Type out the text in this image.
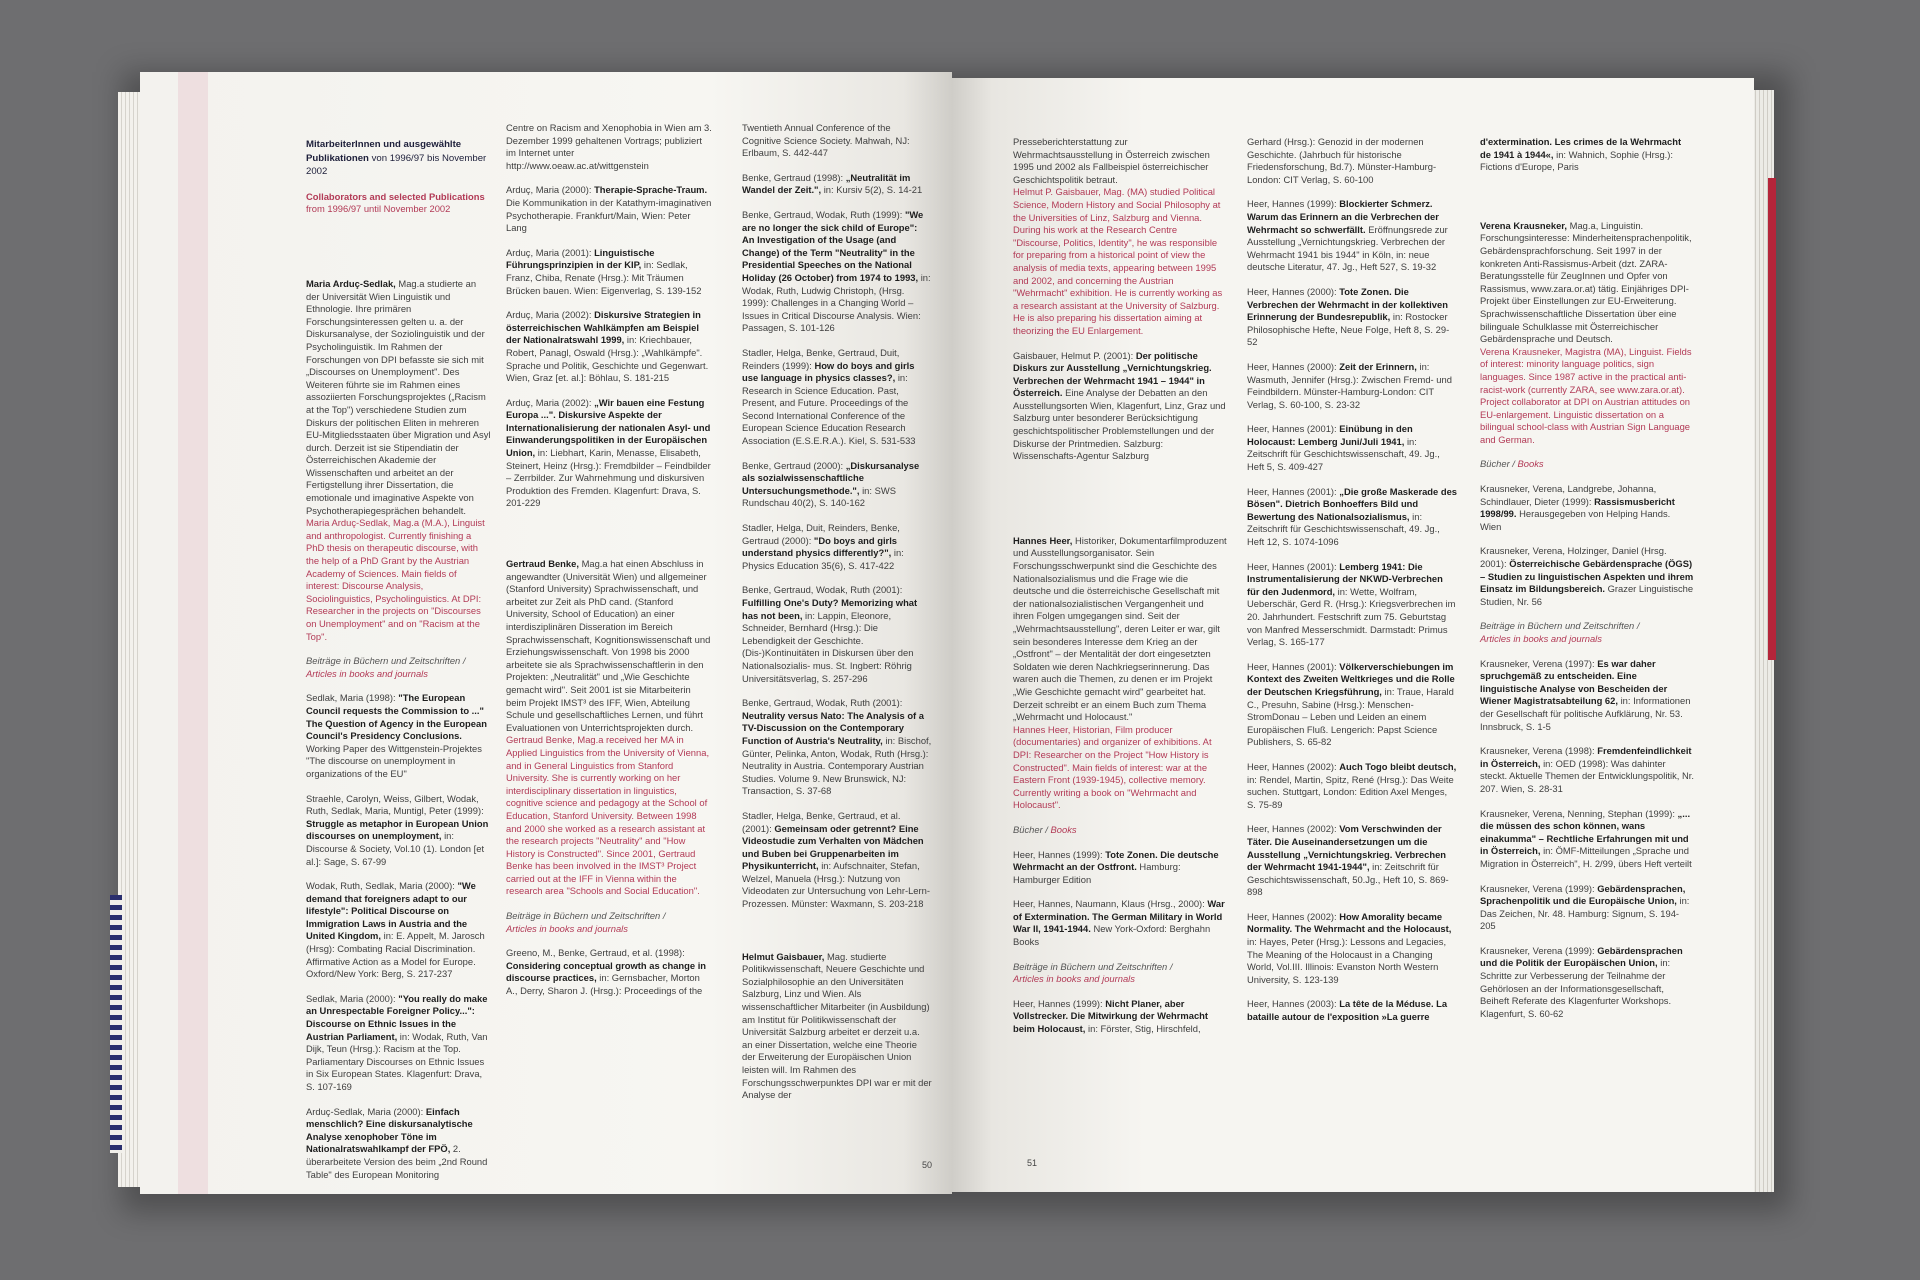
MitarbeiterInnen und ausgewählte Publikationen von 1996/97 bis November 2002

Collaborators and selected Publications from 1996/97 until November 2002

Maria Arduç-Sedlak, Mag.a studierte an der Universität Wien Linguistik und Ethnologie. Ihre primären Forschungsinteressen gelten u. a. der Diskursanalyse, der Soziolinguistik und der Psycholinguistik. Im Rahmen der Forschungen von DPI befasste sie sich mit „Discourses on Unemployment". Des Weiteren führte sie im Rahmen eines assoziierten Forschungsprojektes („Racism at the Top") verschiedene Studien zum Diskurs der politischen Eliten in mehreren EU-Mitgliedsstaaten über Migration und Asyl durch. Derzeit ist sie Stipendiatin der Österreichischen Akademie der Wissenschaften und arbeitet an der Fertigstellung ihrer Dissertation, die emotionale und imaginative Aspekte von Psychotherapiegesprächen behandelt.
Maria Arduç-Sedlak, Mag.a (M.A.), Linguist and anthropologist. Currently finishing a PhD thesis on therapeutic discourse, with the help of a PhD Grant by the Austrian Academy of Sciences. Main fields of interest: Discourse Analysis, Sociolinguistics, Psycholinguistics. At DPI: Researcher in the projects on "Discourses on Unemployment" and on "Racism at the Top".

Beiträge in Büchern und Zeitschriften /
Articles in books and journals

Sedlak, Maria (1998): "The European Council requests the Commission to ..." The Question of Agency in the European Council's Presidency Conclusions. Working Paper des Wittgenstein-Projektes "The discourse on unemployment in organizations of the EU"

Straehle, Carolyn, Weiss, Gilbert, Wodak, Ruth, Sedlak, Maria, Muntigl, Peter (1999): Struggle as metaphor in European Union discourses on unemployment, in: Discourse & Society, Vol.10 (1). London [et al.]: Sage, S. 67-99

Wodak, Ruth, Sedlak, Maria (2000): "We demand that foreigners adapt to our lifestyle": Political Discourse on Immigration Laws in Austria and the United Kingdom, in: E. Appelt, M. Jarosch (Hrsg): Combating Racial Discrimination. Affirmative Action as a Model for Europe. Oxford/New York: Berg, S. 217-237

Sedlak, Maria (2000): "You really do make an Unrespectable Foreigner Policy...": Discourse on Ethnic Issues in the Austrian Parliament, in: Wodak, Ruth, Van Dijk, Teun (Hrsg.): Racism at the Top. Parliamentary Discourses on Ethnic Issues in Six European States. Klagenfurt: Drava, S. 107-169

Arduç-Sedlak, Maria (2000): Einfach menschlich? Eine diskursanalytische Analyse xenophober Töne im Nationalratswahlkampf der FPÖ, 2. überarbeitete Version des beim „2nd Round Table" des European Monitoring

Centre on Racism and Xenophobia in Wien am 3. Dezember 1999 gehaltenen Vortrags; publiziert im Internet unter http://www.oeaw.ac.at/wittgenstein

Arduç, Maria (2000): Therapie-Sprache-Traum. Die Kommunikation in der Katathym-imaginativen Psychotherapie. Frankfurt/Main, Wien: Peter Lang

Arduç, Maria (2001): Linguistische Führungsprinzipien in der KIP, in: Sedlak, Franz, Chiba, Renate (Hrsg.): Mit Träumen Brücken bauen. Wien: Eigenverlag, S. 139-152

Arduç, Maria (2002): Diskursive Strategien in österreichischen Wahlkämpfen am Beispiel der Nationalratswahl 1999, in: Kriechbauer, Robert, Panagl, Oswald (Hrsg.): „Wahlkämpfe". Sprache und Politik, Geschichte und Gegenwart. Wien, Graz [et. al.]: Böhlau, S. 181-215

Arduç, Maria (2002): „Wir bauen eine Festung Europa ...". Diskursive Aspekte der Internationalisierung der nationalen Asyl- und Einwanderungspolitiken in der Europäischen Union, in: Liebhart, Karin, Menasse, Elisabeth, Steinert, Heinz (Hrsg.): Fremdbilder – Feindbilder – Zerrbilder. Zur Wahrnehmung und diskursiven Produktion des Fremden. Klagenfurt: Drava, S. 201-229

Gertraud Benke, Mag.a hat einen Abschluss in angewandter (Universität Wien) und allgemeiner (Stanford University) Sprachwissenschaft, und arbeitet zur Zeit als PhD cand. (Stanford University, School of Education) an einer interdisziplinären Disseration im Bereich Sprachwissenschaft, Kognitionswissenschaft und Erziehungswissenschaft. Von 1998 bis 2000 arbeitete sie als Sprachwissenschaftlerin in den Projekten: „Neutralität" und „Wie Geschichte gemacht wird". Seit 2001 ist sie Mitarbeiterin beim Projekt IMST³ des IFF, Wien, Abteilung Schule und gesellschaftliches Lernen, und führt Evaluationen von Unterrichtsprojekten durch.
Gertraud Benke, Mag.a received her MA in Applied Linguistics from the University of Vienna, and in General Linguistics from Stanford University. She is currently working on her interdisciplinary dissertation in linguistics, cognitive science and pedagogy at the School of Education, Stanford University. Between 1998 and 2000 she worked as a research assistant at the research projects "Neutrality" and "How History is Constructed". Since 2001, Gertraud Benke has been involved in the IMST³ Project carried out at the IFF in Vienna within the research area "Schools and Social Education".

Beiträge in Büchern und Zeitschriften /
Articles in books and journals

Greeno, M., Benke, Gertraud, et al. (1998): Considering conceptual growth as change in discourse practices, in: Gernsbacher, Morton A., Derry, Sharon J. (Hrsg.): Proceedings of the

Twentieth Annual Conference of the Cognitive Science Society. Mahwah, NJ: Erlbaum, S. 442-447

Benke, Gertraud (1998): „Neutralität im Wandel der Zeit.", in: Kursiv 5(2), S. 14-21

Benke, Gertraud, Wodak, Ruth (1999): "We are no longer the sick child of Europe": An Investigation of the Usage (and Change) of the Term "Neutrality" in the Presidential Speeches on the National Holiday (26 October) from 1974 to 1993, in: Wodak, Ruth, Ludwig Christoph, (Hrsg. 1999): Challenges in a Changing World – Issues in Critical Discourse Analysis. Wien: Passagen, S. 101-126

Stadler, Helga, Benke, Gertraud, Duit, Reinders (1999): How do boys and girls use language in physics classes?, in: Research in Science Education. Past, Present, and Future. Proceedings of the Second International Conference of the European Science Education Research Association (E.S.E.R.A.). Kiel, S. 531-533

Benke, Gertraud (2000): „Diskursanalyse als sozialwissenschaftliche Untersuchungsmethode.", in: SWS Rundschau 40(2), S. 140-162

Stadler, Helga, Duit, Reinders, Benke, Gertraud (2000): "Do boys and girls understand physics differently?", in: Physics Education 35(6), S. 417-422

Benke, Gertraud, Wodak, Ruth (2001): Fulfilling One's Duty? Memorizing what has not been, in: Lappin, Eleonore, Schneider, Bernhard (Hrsg.): Die Lebendigkeit der Geschichte. (Dis-)Kontinuitäten in Diskursen über den Nationalsozialis- mus. St. Ingbert: Röhrig Universitätsverlag, S. 257-296

Benke, Gertraud, Wodak, Ruth (2001): Neutrality versus Nato: The Analysis of a TV-Discussion on the Contemporary Function of Austria's Neutrality, in: Bischof, Günter, Pelinka, Anton, Wodak, Ruth (Hrsg.): Neutrality in Austria. Contemporary Austrian Studies. Volume 9. New Brunswick, NJ: Transaction, S. 37-68

Stadler, Helga, Benke, Gertraud, et al. (2001): Gemeinsam oder getrennt? Eine Videostudie zum Verhalten von Mädchen und Buben bei Gruppenarbeiten im Physikunterricht, in: Aufschnaiter, Stefan, Welzel, Manuela (Hrsg.): Nutzung von Videodaten zur Untersuchung von Lehr-Lern-Prozessen. Münster: Waxmann, S. 203-218

Helmut Gaisbauer, Mag. studierte Politikwissenschaft, Neuere Geschichte und Sozialphilosophie an den Universitäten Salzburg, Linz und Wien. Als wissenschaftlicher Mitarbeiter (in Ausbildung) am Institut für Politikwissenschaft der Universität Salzburg arbeitet er derzeit u.a. an einer Dissertation, welche eine Theorie der Erweiterung der Europäischen Union leisten will. Im Rahmen des Forschungsschwerpunktes DPI war er mit der Analyse der

50

Presseberichterstattung zur Wehrmachtsausstellung in Österreich zwischen 1995 und 2002 als Fallbeispiel österreichischer Geschichtspolitik betraut.
Helmut P. Gaisbauer, Mag. (MA) studied Political Science, Modern History and Social Philosophy at the Universities of Linz, Salzburg and Vienna. During his work at the Research Centre "Discourse, Politics, Identity", he was responsible for preparing from a historical point of view the analysis of media texts, appearing between 1995 and 2002, and concerning the Austrian "Wehrmacht" exhibition. He is currently working as a research assistant at the University of Salzburg. He is also preparing his dissertation aiming at theorizing the EU Enlargement.

Gaisbauer, Helmut P. (2001): Der politische Diskurs zur Ausstellung „Vernichtungskrieg. Verbrechen der Wehrmacht 1941 – 1944" in Österreich. Eine Analyse der Debatten an den Ausstellungsorten Wien, Klagenfurt, Linz, Graz und Salzburg unter besonderer Berücksichtigung geschichtspolitischer Problemstellungen und der Diskurse der Printmedien. Salzburg: Wissenschafts-Agentur Salzburg

Hannes Heer, Historiker, Dokumentarfilmproduzent und Ausstellungsorganisator. Sein Forschungsschwerpunkt sind die Geschichte des Nationalsozialismus und die Frage wie die deutsche und die österreichische Gesellschaft mit der nationalsozialistischen Vergangenheit und ihren Folgen umgegangen sind. Seit der „Wehrmachtsausstellung", deren Leiter er war, gilt sein besonderes Interesse dem Krieg an der „Ostfront" – der Mentalität der dort eingesetzten Soldaten wie deren Nachkriegserinnerung. Das waren auch die Themen, zu denen er im Projekt „Wie Geschichte gemacht wird" gearbeitet hat. Derzeit schreibt er an einem Buch zum Thema „Wehrmacht und Holocaust."
Hannes Heer, Historian, Film producer (documentaries) and organizer of exhibitions. At DPI: Researcher on the Project "How History is Constructed". Main fields of interest: war at the Eastern Front (1939-1945), collective memory. Currently writing a book on "Wehrmacht and Holocaust".

Bücher / Books

Heer, Hannes (1999): Tote Zonen. Die deutsche Wehrmacht an der Ostfront. Hamburg: Hamburger Edition

Heer, Hannes, Naumann, Klaus (Hrsg., 2000): War of Extermination. The German Military in World War II, 1941-1944. New York-Oxford: Berghahn Books

Beiträge in Büchern und Zeitschriften /
Articles in books and journals

Heer, Hannes (1999): Nicht Planer, aber Vollstrecker. Die Mitwirkung der Wehrmacht beim Holocaust, in: Förster, Stig, Hirschfeld,

51

Gerhard (Hrsg.): Genozid in der modernen Geschichte. (Jahrbuch für historische Friedensforschung, Bd.7). Münster-Hamburg-London: CIT Verlag, S. 60-100

Heer, Hannes (1999): Blockierter Schmerz. Warum das Erinnern an die Verbrechen der Wehrmacht so schwerfällt. Eröffnungsrede zur Ausstellung „Vernichtungskrieg. Verbrechen der Wehrmacht 1941 bis 1944" in Köln, in: neue deutsche Literatur, 47. Jg., Heft 527, S. 19-32

Heer, Hannes (2000): Tote Zonen. Die Verbrechen der Wehrmacht in der kollektiven Erinnerung der Bundesrepublik, in: Rostocker Philosophische Hefte, Neue Folge, Heft 8, S. 29-52

Heer, Hannes (2000): Zeit der Erinnern, in: Wasmuth, Jennifer (Hrsg.): Zwischen Fremd- und Feindbildern. Münster-Hamburg-London: CIT Verlag, S. 60-100, S. 23-32

Heer, Hannes (2001): Einübung in den Holocaust: Lemberg Juni/Juli 1941, in: Zeitschrift für Geschichtswissenschaft, 49. Jg., Heft 5, S. 409-427

Heer, Hannes (2001): „Die große Maskerade des Bösen". Dietrich Bonhoeffers Bild und Bewertung des Nationalsozialismus, in: Zeitschrift für Geschichtswissenschaft, 49. Jg., Heft 12, S. 1074-1096

Heer, Hannes (2001): Lemberg 1941: Die Instrumentalisierung der NKWD-Verbrechen für den Judenmord, in: Wette, Wolfram, Ueberschär, Gerd R. (Hrsg.): Kriegsverbrechen im 20. Jahrhundert. Festschrift zum 75. Geburtstag von Manfred Messerschmidt. Darmstadt: Primus Verlag, S. 165-177

Heer, Hannes (2001): Völkerverschiebungen im Kontext des Zweiten Weltkrieges und die Rolle der Deutschen Kriegsführung, in: Traue, Harald C., Presuhn, Sabine (Hrsg.): Menschen-StromDonau – Leben und Leiden an einem Europäischen Fluß. Lengerich: Papst Science Publishers, S. 65-82

Heer, Hannes (2002): Auch Togo bleibt deutsch, in: Rendel, Martin, Spitz, René (Hrsg.): Das Weite suchen. Stuttgart, London: Edition Axel Menges, S. 75-89

Heer, Hannes (2002): Vom Verschwinden der Täter. Die Auseinandersetzungen um die Ausstellung „Vernichtungskrieg. Verbrechen der Wehrmacht 1941-1944", in: Zeitschrift für Geschichtswissenschaft, 50.Jg., Heft 10, S. 869-898

Heer, Hannes (2002): How Amorality became Normality. The Wehrmacht and the Holocaust, in: Hayes, Peter (Hrsg.): Lessons and Legacies, The Meaning of the Holocaust in a Changing World, Vol.III. Illinois: Evanston North Western University, S. 123-139

Heer, Hannes (2003): La tête de la Méduse. La bataille autour de l'exposition »La guerre

d'extermination. Les crimes de la Wehrmacht de 1941 à 1944«, in: Wahnich, Sophie (Hrsg.): Fictions d'Europe, Paris

Verena Krausneker, Mag.a, Linguistin. Forschungsinteresse: Minderheitensprachenpolitik, Gebärdensprachforschung. Seit 1997 in der konkreten Anti-Rassismus-Arbeit (dzt. ZARA-Beratungsstelle für ZeugInnen und Opfer von Rassismus, www.zara.or.at) tätig. Einjähriges DPI-Projekt über Einstellungen zur EU-Erweiterung. Sprachwissenschaftliche Dissertation über eine bilinguale Schulklasse mit Österreichischer Gebärdensprache und Deutsch.
Verena Krausneker, Magistra (MA), Linguist. Fields of interest: minority language politics, sign languages. Since 1987 active in the practical anti-racist-work (currently ZARA, see www.zara.or.at). Project collaborator at DPI on Austrian attitudes on EU-enlargement. Linguistic dissertation on a bilingual school-class with Austrian Sign Language and German.

Bücher / Books

Krausneker, Verena, Landgrebe, Johanna, Schindlauer, Dieter (1999): Rassismusbericht 1998/99. Herausgegeben von Helping Hands. Wien

Krausneker, Verena, Holzinger, Daniel (Hrsg. 2001): Österreichische Gebärdensprache (ÖGS) – Studien zu linguistischen Aspekten und ihrem Einsatz im Bildungsbereich. Grazer Linguistische Studien, Nr. 56

Beiträge in Büchern und Zeitschriften /
Articles in books and journals

Krausneker, Verena (1997): Es war daher spruchgemäß zu entscheiden. Eine linguistische Analyse von Bescheiden der Wiener Magistratsabteilung 62, in: Informationen der Gesellschaft für politische Aufklärung, Nr. 53. Innsbruck, S. 1-5

Krausneker, Verena (1998): Fremdenfeindlichkeit in Österreich, in: OED (1998): Was dahinter steckt. Aktuelle Themen der Entwicklungspolitik, Nr. 207. Wien, S. 28-31

Krausneker, Verena, Nenning, Stephan (1999): „... die müssen des schon können, wans einakumma" – Rechtliche Erfahrungen mit und in Österreich, in: ÖMF-Mitteilungen „Sprache und Migration in Österreich", H. 2/99, übers Heft verteilt

Krausneker, Verena (1999): Gebärdensprachen, Sprachenpolitik und die Europäische Union, in: Das Zeichen, Nr. 48. Hamburg: Signum, S. 194-205

Krausneker, Verena (1999): Gebärdensprachen und die Politik der Europäischen Union, in: Schritte zur Verbesserung der Teilnahme der Gehörlosen an der Informationsgesellschaft, Beiheft Referate des Klagenfurter Workshops. Klagenfurt, S. 60-62
